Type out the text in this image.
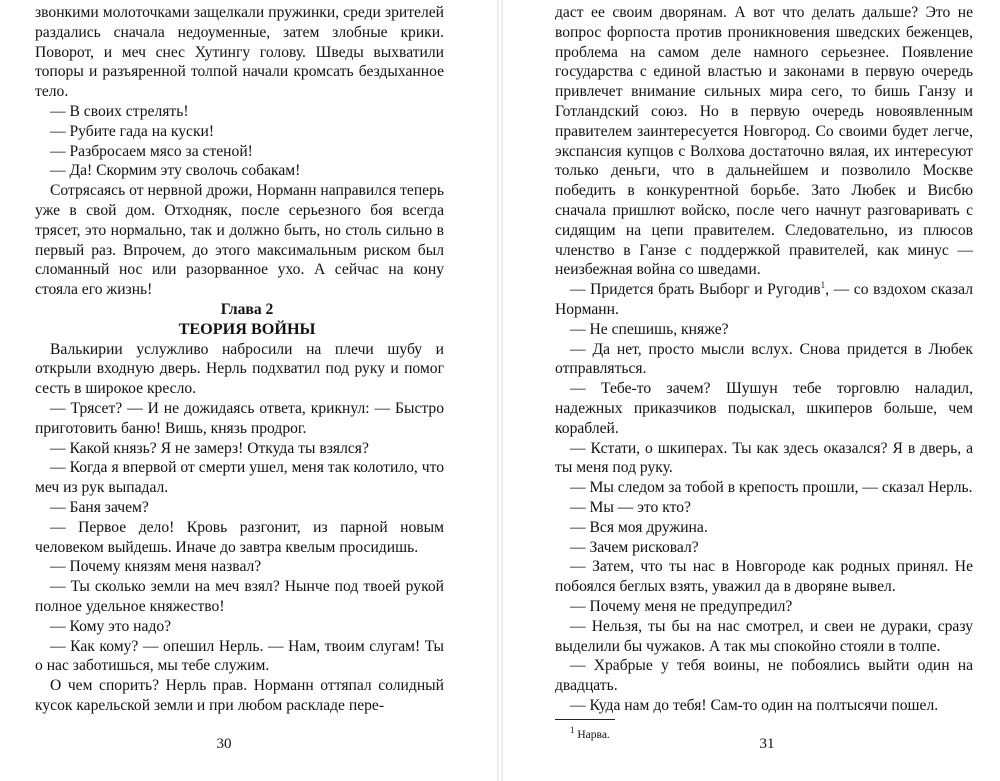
звонкими молоточками защелкали пружинки, среди зрителей раздались сначала недоуменные, затем злобные крики. Поворот, и меч снес Хутингу голову. Шведы выхватили топоры и разъяренной толпой начали кромсать бездыханное тело.

— В своих стрелять!

— Рубите гада на куски!

— Разбросаем мясо за стеной!

— Да! Скормим эту сволочь собакам!

Сотрясаясь от нервной дрожи, Норманн направился теперь уже в свой дом. Отходняк, после серьезного боя всегда трясет, это нормально, так и должно быть, но столь сильно в первый раз. Впрочем, до этого максимальным риском был сломанный нос или разорванное ухо. А сейчас на кону стояла его жизнь!

Глава 2

ТЕОРИЯ ВОЙНЫ

Валькирии услужливо набросили на плечи шубу и открыли входную дверь. Нерль подхватил под руку и помог сесть в широкое кресло.

— Трясет? — И не дожидаясь ответа, крикнул: — Быстро приготовить баню! Вишь, князь продрог.

— Какой князь? Я не замерз! Откуда ты взялся?

— Когда я впервой от смерти ушел, меня так колотило, что меч из рук выпадал.

— Баня зачем?

— Первое дело! Кровь разгонит, из парной новым человеком выйдешь. Иначе до завтра квелым просидишь.

— Почему князям меня назвал?

— Ты сколько земли на меч взял? Нынче под твоей рукой полное удельное княжество!

— Кому это надо?

— Как кому? — опешил Нерль. — Нам, твоим слугам! Ты о нас заботишься, мы тебе служим.

О чем спорить? Нерль прав. Норманн оттяпал солидный кусок карельской земли и при любом раскладе пере-

30

даст ее своим дворянам. А вот что делать дальше? Это не вопрос форпоста против проникновения шведских беженцев, проблема на самом деле намного серьезнее. Появление государства с единой властью и законами в первую очередь привлечет внимание сильных мира сего, то бишь Ганзу и Готландский союз. Но в первую очередь новоявленным правителем заинтересуется Новгород. Со своими будет легче, экспансия купцов с Волхова достаточно вялая, их интересуют только деньги, что в дальнейшем и позволило Москве победить в конкурентной борьбе. Зато Любек и Висбю сначала пришлют войско, после чего начнут разговаривать с сидящим на цепи правителем. Следовательно, из плюсов членство в Ганзе с поддержкой правителей, как минус — неизбежная война со шведами.

— Придется брать Выборг и Ругодив$^1$, — со вздохом сказал Норманн.

— Не спешишь, княже?

— Да нет, просто мысли вслух. Снова придется в Любек отправляться.

— Тебе-то зачем? Шушун тебе торговлю наладил, надежных приказчиков подыскал, шкиперов больше, чем кораблей.

— Кстати, о шкиперах. Ты как здесь оказался? Я в дверь, а ты меня под руку.

— Мы следом за тобой в крепость прошли, — сказал Нерль.

— Мы — это кто?

— Вся моя дружина.

— Зачем рисковал?

— Затем, что ты нас в Новгороде как родных принял. Не побоялся беглых взять, уважил да в дворяне вывел.

— Почему меня не предупредил?

— Нельзя, ты бы на нас смотрел, и свеи не дураки, сразу выделили бы чужаков. А так мы спокойно стояли в толпе.

— Храбрые у тебя воины, не побоялись выйти один на двадцать.

— Куда нам до тебя! Сам-то один на полтысячи пошел.

$^1$ Нарва.

31
